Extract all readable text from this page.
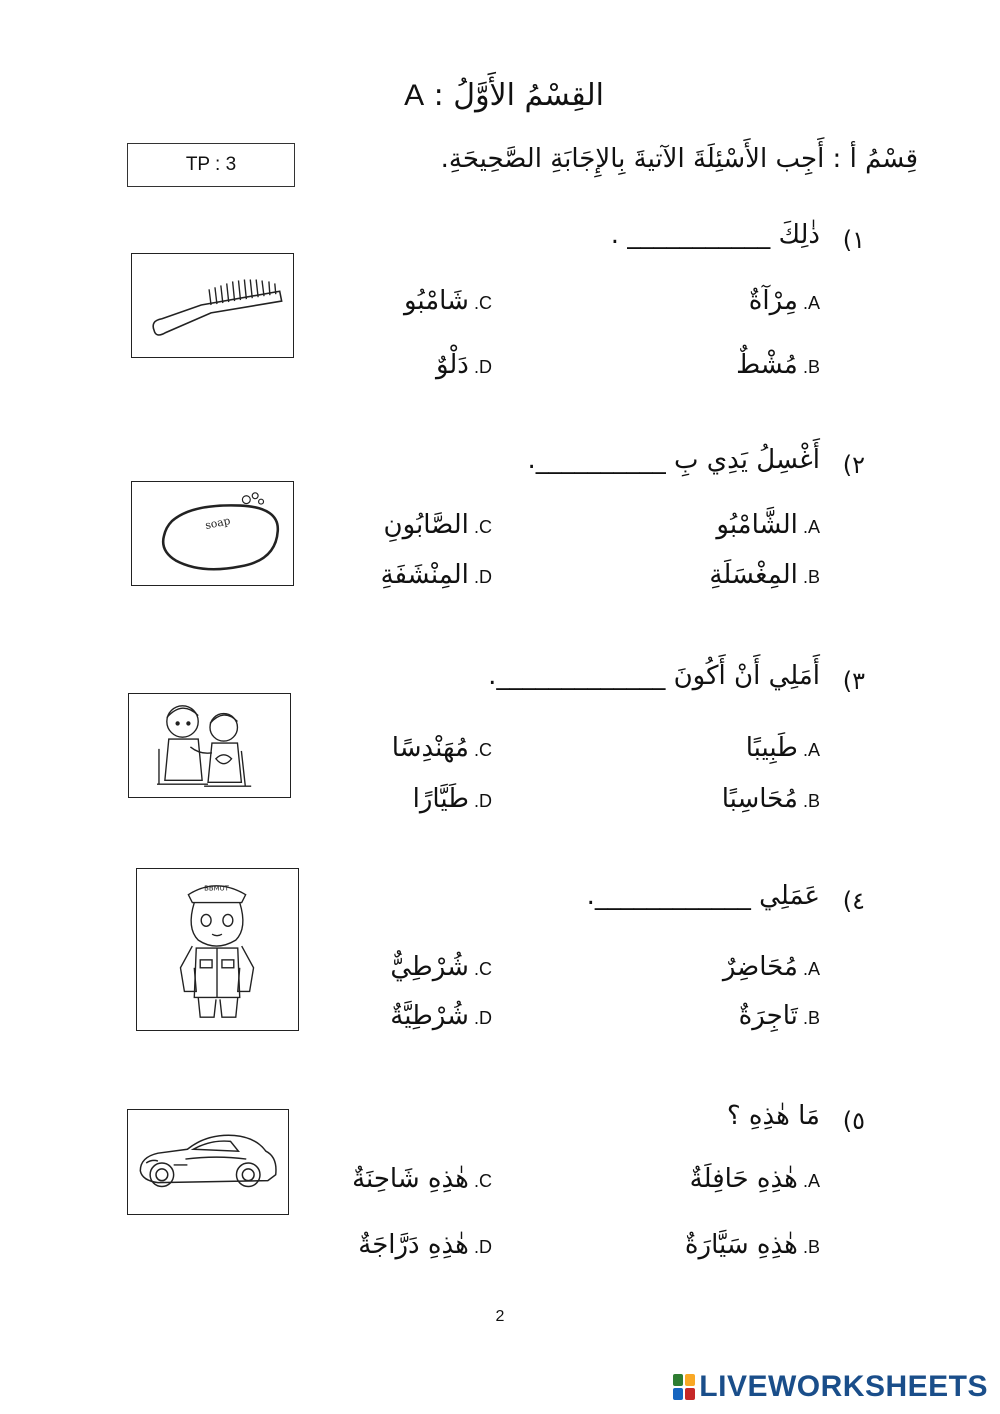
القِسْمُ الأَوَّلُ : A
TP : 3	قِسْمُ أ : أَجِب الأَسْئِلَةَ الآتيةَ بِالإِجَابَةِ الصَّحِيحَةِ.
١)
ذٰلِكَ ___________ .
A. مِرْآةٌ
B. مُشْطٌ
C. شَامْبُو
D. دَلْوٌ
٢)
أَغْسِلُ يَدِي بِ __________.
soap	A. الشَّامْبُو
B. المِغْسَلَةِ
C. الصَّابُونِ
D. المِنْشَفَةِ
٣)
أَمَلِي أَنْ أَكُونَ _____________.
A. طَبِيبًا
B. مُحَاسِبًا
C. مُهَنْدِسًا
D. طَيَّارًا
٤)
عَمَلِي ____________.
BBMUT
A. مُحَاضِرٌ
B. تَاجِرَةٌ
C. شُرْطِيٌّ
D. شُرْطِيَّةٌ
٥)
مَا هٰذِهِ ؟
A. هٰذِهِ حَافِلَةٌ
B. هٰذِهِ سَيَّارَةٌ
C. هٰذِهِ شَاحِنَةٌ
D. هٰذِهِ دَرَّاجَةٌ
2
LIVEWORKSHEETS
